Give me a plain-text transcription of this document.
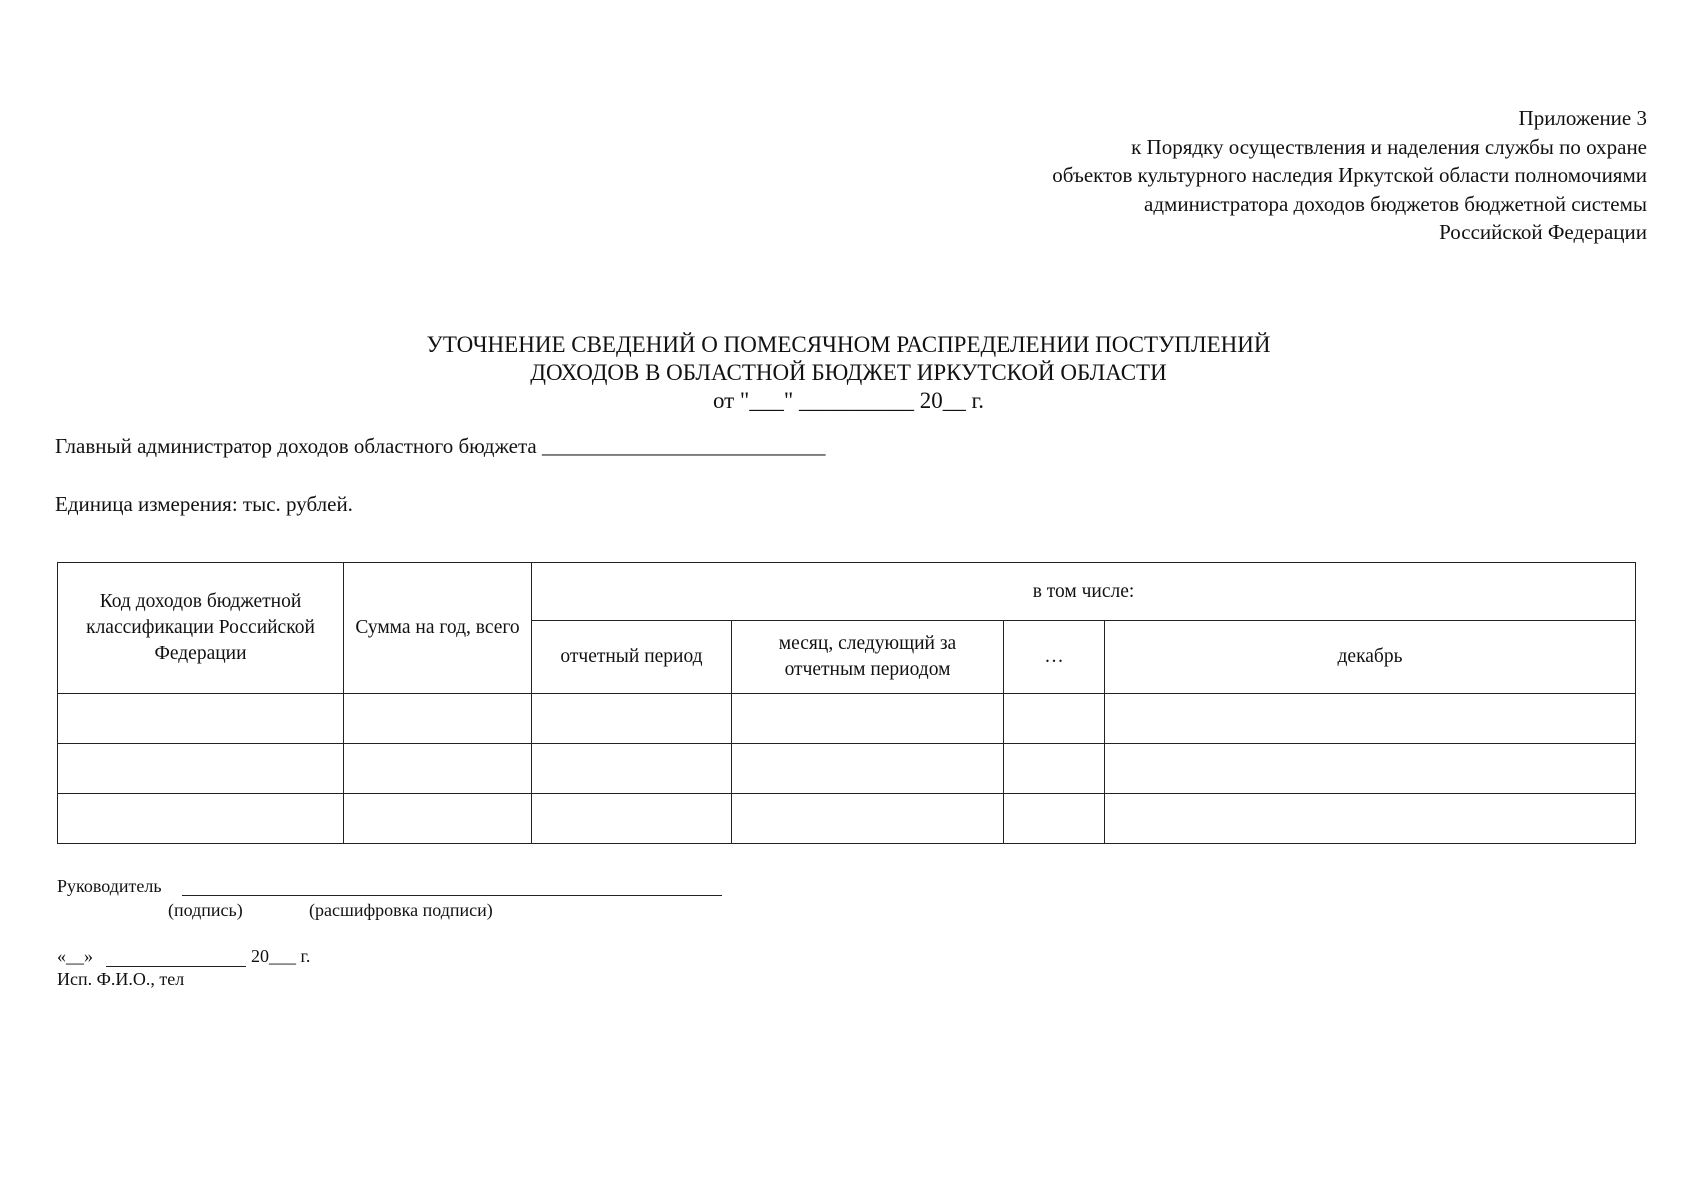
Приложение 3
к Порядку осуществления и наделения службы по охране
объектов культурного наследия Иркутской области полномочиями
администратора доходов бюджетов бюджетной системы
Российской Федерации
УТОЧНЕНИЕ СВЕДЕНИЙ О ПОМЕСЯЧНОМ РАСПРЕДЕЛЕНИИ ПОСТУПЛЕНИЙ
ДОХОДОВ В ОБЛАСТНОЙ БЮДЖЕТ ИРКУТСКОЙ ОБЛАСТИ
от "___" __________ 20__ г.
Главный администратор доходов областного бюджета ___________________________
Единица измерения: тыс. рублей.
Код доходов бюджетной классификации Российской Федерации	Сумма на год, всего	в том числе:			
		отчетный период	месяц, следующий за отчетным периодом	…	декабрь

Руководитель
(подпись)	(расшифровка подписи)
«__»	20___ г.
Исп. Ф.И.О., тел
